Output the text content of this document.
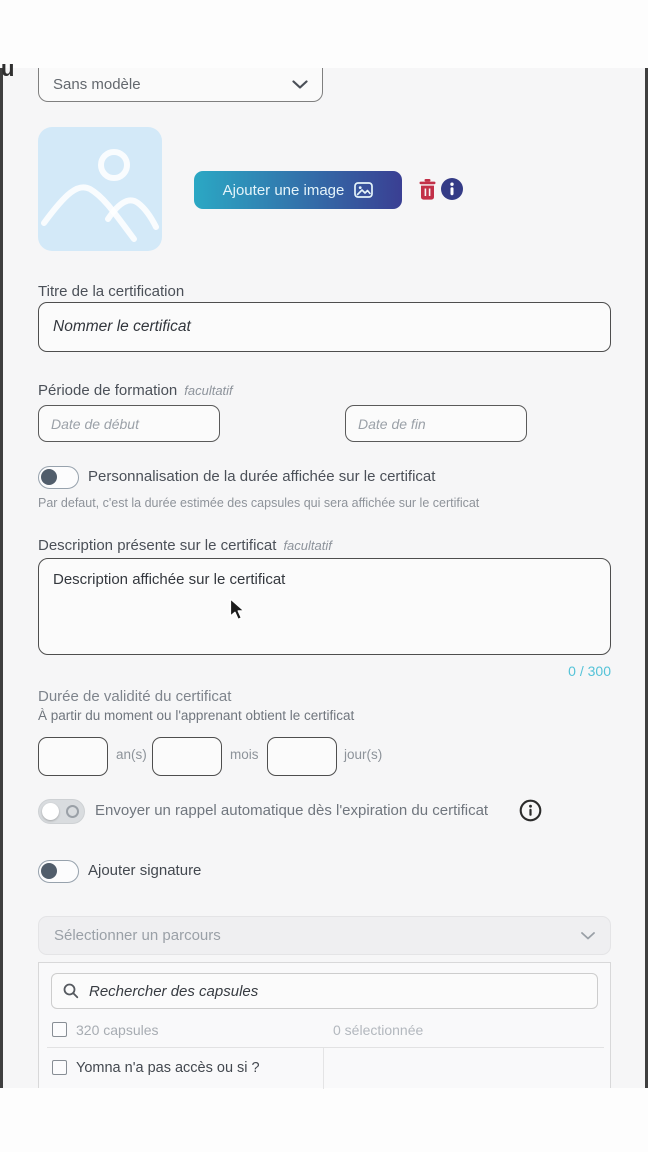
u
Sans modèle
Ajouter une image
Titre de la certification
Nommer le certificat
Période de formation facultatif
Date de début
Date de fin
Personnalisation de la durée affichée sur le certificat
Par defaut, c'est la durée estimée des capsules qui sera affichée sur le certificat
Description présente sur le certificat facultatif
Description affichée sur le certificat
0 / 300
Durée de validité du certificat
À partir du moment ou l'apprenant obtient le certificat
an(s)	mois	jour(s)
Envoyer un rappel automatique dès l'expiration du certificat
Ajouter signature
Sélectionner un parcours
Rechercher des capsules
320 capsules	0 sélectionnée
Yomna n'a pas accès ou si ?
